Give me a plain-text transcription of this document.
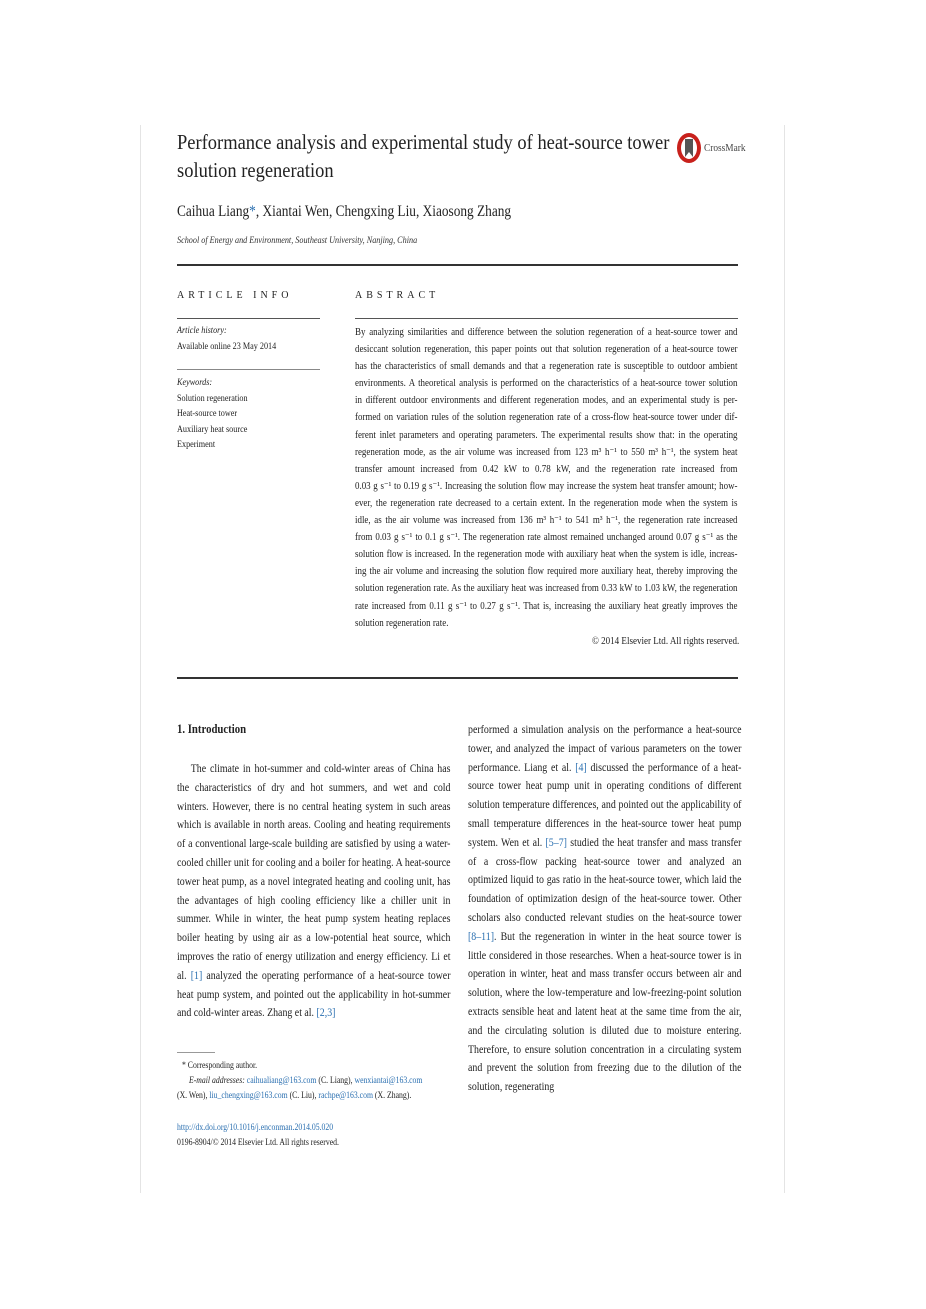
Performance analysis and experimental study of heat-source tower
solution regeneration
CrossMark
Caihua Liang*, Xiantai Wen, Chengxing Liu, Xiaosong Zhang
School of Energy and Environment, Southeast University, Nanjing, China
ARTICLE INFO	ABSTRACT
Article history:
Available online 23 May 2014
Keywords:
Solution regeneration
Heat-source tower
Auxiliary heat source
Experiment
By analyzing similarities and difference between the solution regeneration of a heat-source tower and
desiccant solution regeneration, this paper points out that solution regeneration of a heat-source tower
has the characteristics of small demands and that a regeneration rate is susceptible to outdoor ambient
environments. A theoretical analysis is performed on the characteristics of a heat-source tower solution
in different outdoor environments and different regeneration modes, and an experimental study is per-
formed on variation rules of the solution regeneration rate of a cross-flow heat-source tower under dif-
ferent inlet parameters and operating parameters. The experimental results show that: in the operating
regeneration mode, as the air volume was increased from 123 m³ h⁻¹ to 550 m³ h⁻¹, the system heat
transfer amount increased from 0.42 kW to 0.78 kW, and the regeneration rate increased from
0.03 g s⁻¹ to 0.19 g s⁻¹. Increasing the solution flow may increase the system heat transfer amount; how-
ever, the regeneration rate decreased to a certain extent. In the regeneration mode when the system is
idle, as the air volume was increased from 136 m³ h⁻¹ to 541 m³ h⁻¹, the regeneration rate increased
from 0.03 g s⁻¹ to 0.1 g s⁻¹. The regeneration rate almost remained unchanged around 0.07 g s⁻¹ as the
solution flow is increased. In the regeneration mode with auxiliary heat when the system is idle, increas-
ing the air volume and increasing the solution flow required more auxiliary heat, thereby improving the
solution regeneration rate. As the auxiliary heat was increased from 0.33 kW to 1.03 kW, the regeneration
rate increased from 0.11 g s⁻¹ to 0.27 g s⁻¹. That is, increasing the auxiliary heat greatly improves the
solution regeneration rate.
© 2014 Elsevier Ltd. All rights reserved.
1. Introduction
The climate in hot-summer and cold-winter areas of China has the characteristics of dry and hot summers, and wet and cold winters. However, there is no central heating system in such areas which is available in north areas. Cooling and heating requirements of a conventional large-scale building are satisfied by using a water-cooled chiller unit for cooling and a boiler for heating. A heat-source tower heat pump, as a novel integrated heating and cooling unit, has the advantages of high cooling efficiency like a chiller unit in summer. While in winter, the heat pump system heating replaces boiler heating by using air as a low-potential heat source, which improves the ratio of energy utilization and energy efficiency. Li et al. [1] analyzed the operating performance of a heat-source tower heat pump system, and pointed out the applicability in hot-summer and cold-winter areas. Zhang et al. [2,3]
performed a simulation analysis on the performance a heat-source tower, and analyzed the impact of various parameters on the tower performance. Liang et al. [4] discussed the performance of a heat-source tower heat pump unit in operating conditions of different solution temperature differences, and pointed out the applicability of small temperature differences in the heat-source tower heat pump system. Wen et al. [5–7] studied the heat transfer and mass transfer of a cross-flow packing heat-source tower and analyzed an optimized liquid to gas ratio in the heat-source tower, which laid the foundation of optimization design of the heat-source tower. Other scholars also conducted relevant studies on the heat-source tower [8–11]. But the regeneration in winter in the heat source tower is little considered in those researches. When a heat-source tower is in operation in winter, heat and mass transfer occurs between air and solution, where the low-temperature and low-freezing-point solution extracts sensible heat and latent heat at the same time from the air, and the circulating solution is diluted due to moisture entering. Therefore, to ensure solution concentration in a circulating system and prevent the solution from freezing due to the dilution of the solution, regenerating
* Corresponding author.
E-mail addresses: caihualiang@163.com (C. Liang), wenxiantai@163.com
(X. Wen), liu_chengxing@163.com (C. Liu), rachpe@163.com (X. Zhang).
http://dx.doi.org/10.1016/j.enconman.2014.05.020
0196-8904/© 2014 Elsevier Ltd. All rights reserved.
